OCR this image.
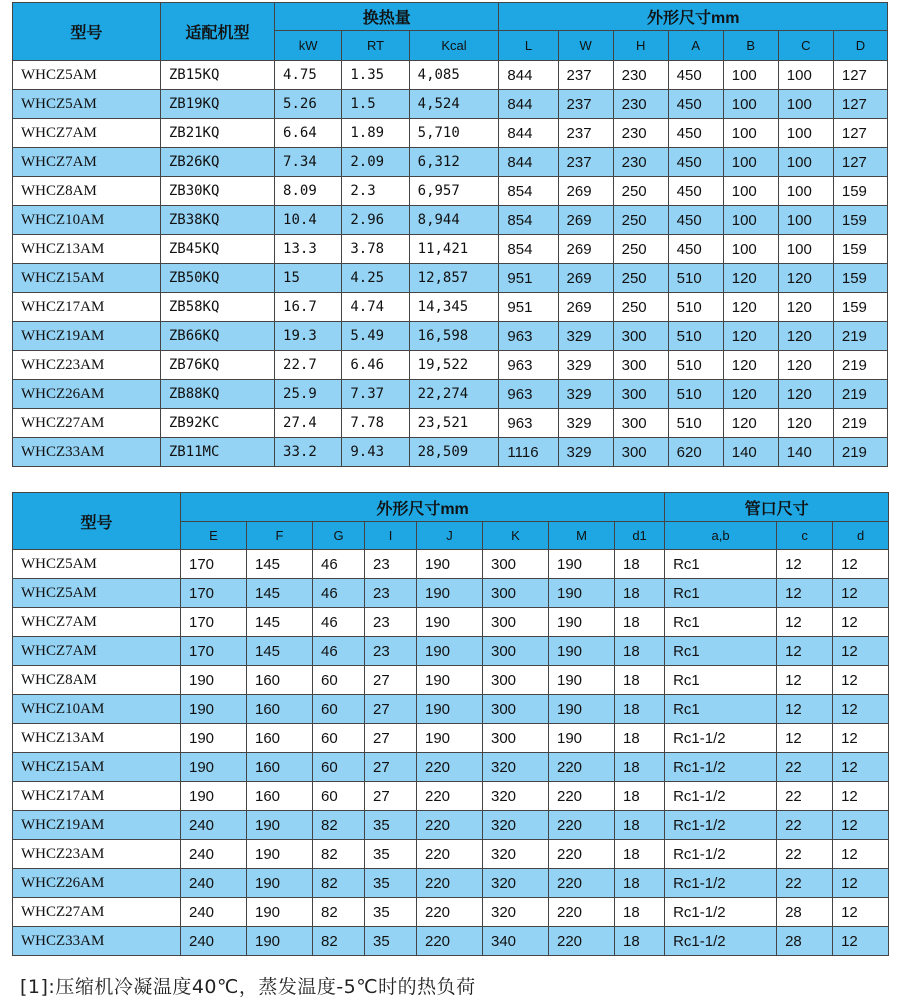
型号	适配机型	换热量			外形尺寸mm						
		kW	RT	Kcal	L	W	H	A	B	C	D
WHCZ5AM	ZB15KQ	4.75	1.35	4,085	844	237	230	450	100	100	127
WHCZ5AM	ZB19KQ	5.26	1.5	4,524	844	237	230	450	100	100	127
WHCZ7AM	ZB21KQ	6.64	1.89	5,710	844	237	230	450	100	100	127
WHCZ7AM	ZB26KQ	7.34	2.09	6,312	844	237	230	450	100	100	127
WHCZ8AM	ZB30KQ	8.09	2.3	6,957	854	269	250	450	100	100	159
WHCZ10AM	ZB38KQ	10.4	2.96	8,944	854	269	250	450	100	100	159
WHCZ13AM	ZB45KQ	13.3	3.78	11,421	854	269	250	450	100	100	159
WHCZ15AM	ZB50KQ	15	4.25	12,857	951	269	250	510	120	120	159
WHCZ17AM	ZB58KQ	16.7	4.74	14,345	951	269	250	510	120	120	159
WHCZ19AM	ZB66KQ	19.3	5.49	16,598	963	329	300	510	120	120	219
WHCZ23AM	ZB76KQ	22.7	6.46	19,522	963	329	300	510	120	120	219
WHCZ26AM	ZB88KQ	25.9	7.37	22,274	963	329	300	510	120	120	219
WHCZ27AM	ZB92KC	27.4	7.78	23,521	963	329	300	510	120	120	219
WHCZ33AM	ZB11MC	33.2	9.43	28,509	1116	329	300	620	140	140	219
型号	外形尺寸mm								管口尺寸		
	E	F	G	I	J	K	M	d1	a,b	c	d
WHCZ5AM	170	145	46	23	190	300	190	18	Rc1	12	12
WHCZ5AM	170	145	46	23	190	300	190	18	Rc1	12	12
WHCZ7AM	170	145	46	23	190	300	190	18	Rc1	12	12
WHCZ7AM	170	145	46	23	190	300	190	18	Rc1	12	12
WHCZ8AM	190	160	60	27	190	300	190	18	Rc1	12	12
WHCZ10AM	190	160	60	27	190	300	190	18	Rc1	12	12
WHCZ13AM	190	160	60	27	190	300	190	18	Rc1-1/2	12	12
WHCZ15AM	190	160	60	27	220	320	220	18	Rc1-1/2	22	12
WHCZ17AM	190	160	60	27	220	320	220	18	Rc1-1/2	22	12
WHCZ19AM	240	190	82	35	220	320	220	18	Rc1-1/2	22	12
WHCZ23AM	240	190	82	35	220	320	220	18	Rc1-1/2	22	12
WHCZ26AM	240	190	82	35	220	320	220	18	Rc1-1/2	22	12
WHCZ27AM	240	190	82	35	220	320	220	18	Rc1-1/2	28	12
WHCZ33AM	240	190	82	35	220	340	220	18	Rc1-1/2	28	12
[1]:压缩机冷凝温度40℃，蒸发温度-5℃时的热负荷
